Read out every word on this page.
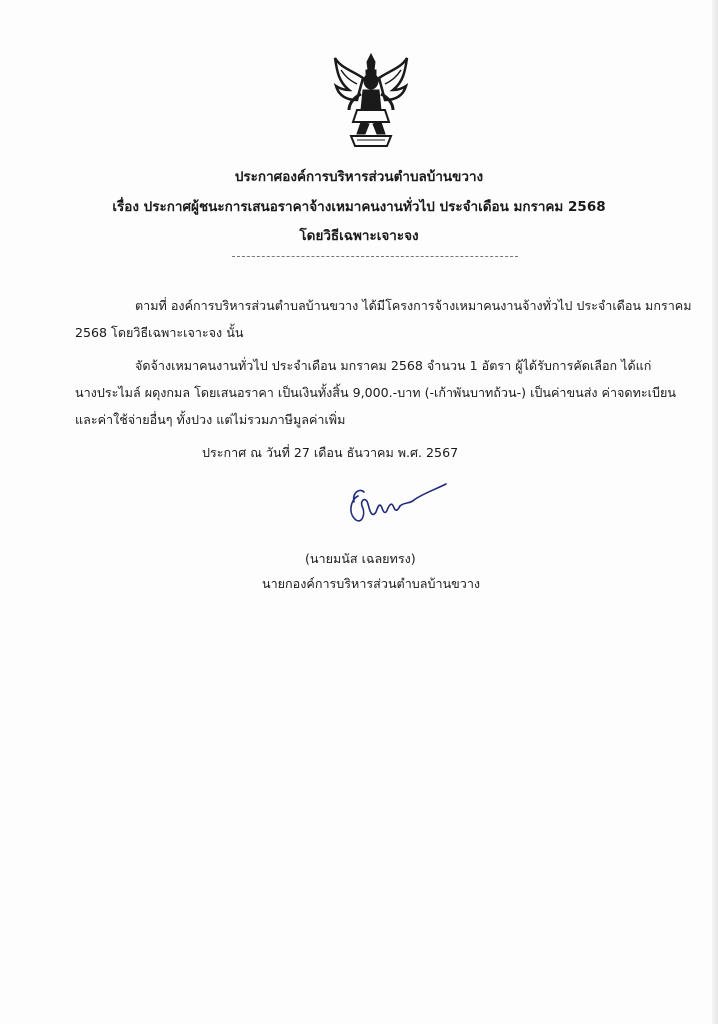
ประกาศองค์การบริหารส่วนตำบลบ้านขวาง
เรื่อง ประกาศผู้ชนะการเสนอราคาจ้างเหมาคนงานทั่วไป ประจำเดือน มกราคม 2568
โดยวิธีเฉพาะเจาะจง
ตามที่ องค์การบริหารส่วนตำบลบ้านขวาง ได้มีโครงการจ้างเหมาคนงานจ้างทั่วไป ประจำเดือน มกราคม
2568 โดยวิธีเฉพาะเจาะจง นั้น
จัดจ้างเหมาคนงานทั่วไป ประจำเดือน มกราคม 2568 จำนวน 1 อัตรา ผู้ได้รับการคัดเลือก ได้แก่
นางประไมล์ ผดุงกมล โดยเสนอราคา เป็นเงินทั้งสิ้น 9,000.-บาท (-เก้าพันบาทถ้วน-) เป็นค่าขนส่ง ค่าจดทะเบียน
และค่าใช้จ่ายอื่นๆ ทั้งปวง แต่ไม่รวมภาษีมูลค่าเพิ่ม
ประกาศ ณ วันที่ 27 เดือน ธันวาคม พ.ศ. 2567
(นายมนัส เฉลยทรง)
นายกองค์การบริหารส่วนตำบลบ้านขวาง
